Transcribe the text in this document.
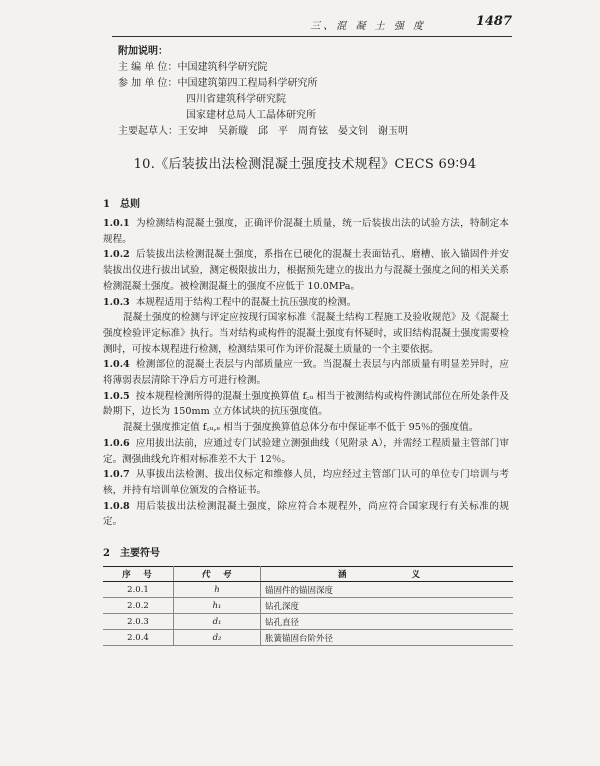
三、混 凝 土 强 度	1487
附加说明：
主 编 单 位：中国建筑科学研究院
参 加 单 位：中国建筑第四工程局科学研究所
四川省建筑科学研究院
国家建材总局人工晶体研究所
主要起草人：王安坤　吴新璇　邱　平　周育铉　晏文钊　谢玉明
10.《后装拔出法检测混凝土强度技术规程》CECS 69∶94
1　总则

1.0.1 为检测结构混凝土强度，正确评价混凝土质量，统一后装拔出法的试验方法，特制定本规程。

1.0.2 后装拔出法检测混凝土强度，系指在已硬化的混凝土表面钻孔、磨槽、嵌入锚固件并安装拔出仪进行拔出试验，测定极限拔出力，根据预先建立的拔出力与混凝土强度之间的相关关系检测混凝土强度。被检测混凝土的强度不应低于 10.0MPa。

1.0.3 本规程适用于结构工程中的混凝土抗压强度的检测。

混凝土强度的检测与评定应按现行国家标准《混凝土结构工程施工及验收规范》及《混凝土强度检验评定标准》执行。当对结构或构件的混凝土强度有怀疑时，或旧结构混凝土强度需要检测时，可按本规程进行检测，检测结果可作为评价混凝土质量的一个主要依据。

1.0.4 检测部位的混凝土表层与内部质量应一致。当混凝土表层与内部质量有明显差异时，应将薄弱表层清除干净后方可进行检测。

1.0.5 按本规程检测所得的混凝土强度换算值 f꜀ᵤ 相当于被测结构或构件测试部位在所处条件及龄期下，边长为 150mm 立方体试块的抗压强度值。

混凝土强度推定值 f꜀ᵤ,ₑ 相当于强度换算值总体分布中保证率不低于 95％的强度值。

1.0.6 应用拔出法前，应通过专门试验建立测强曲线（见附录 A），并需经工程质量主管部门审定。测强曲线允许相对标准差不大于 12％。

1.0.7 从事拔出法检测、拔出仪标定和维修人员，均应经过主管部门认可的单位专门培训与考核，并持有培训单位颁发的合格证书。

1.0.8 用后装拔出法检测混凝土强度，除应符合本规程外，尚应符合国家现行有关标准的规定。

2　主要符号
序　号	代　号	涵　　义
2.0.1	h	锚固件的锚固深度
2.0.2	h₁	钻孔深度
2.0.3	d₁	钻孔直径
2.0.4	d₂	胀簧锚固台阶外径
